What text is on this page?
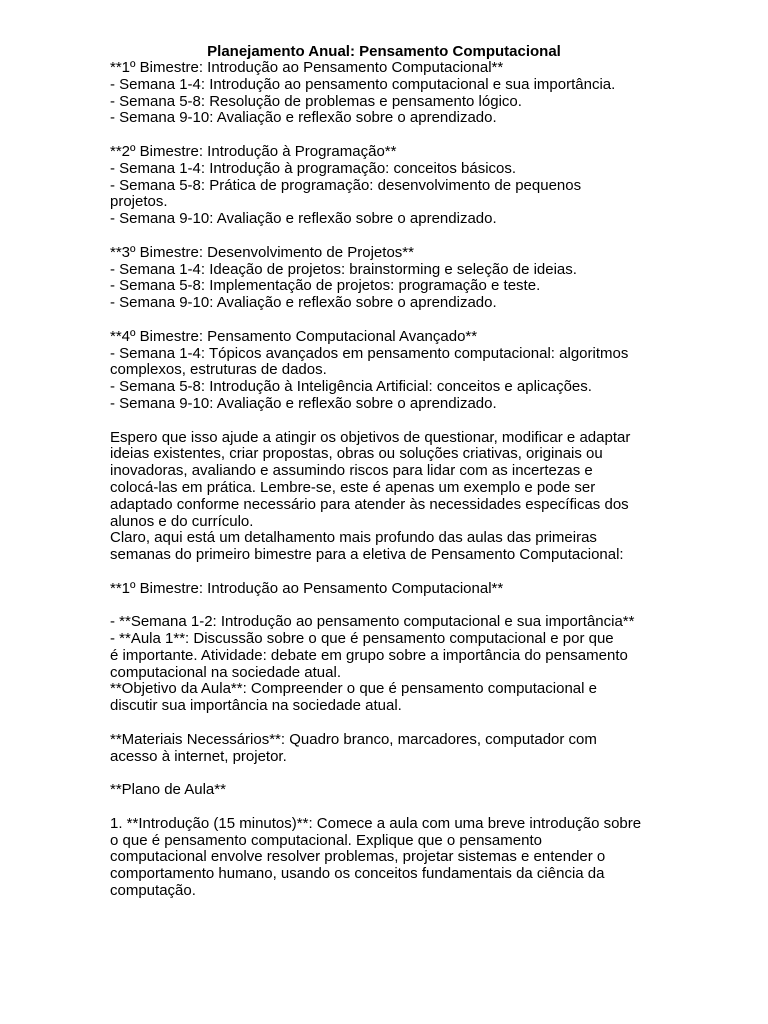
Planejamento Anual: Pensamento Computacional
**1º Bimestre: Introdução ao Pensamento Computacional**
- Semana 1-4: Introdução ao pensamento computacional e sua importância.
- Semana 5-8: Resolução de problemas e pensamento lógico.
- Semana 9-10: Avaliação e reflexão sobre o aprendizado.
**2º Bimestre: Introdução à Programação**
- Semana 1-4: Introdução à programação: conceitos básicos.
- Semana 5-8: Prática de programação: desenvolvimento de pequenos
projetos.
- Semana 9-10: Avaliação e reflexão sobre o aprendizado.
**3º Bimestre: Desenvolvimento de Projetos**
- Semana 1-4: Ideação de projetos: brainstorming e seleção de ideias.
- Semana 5-8: Implementação de projetos: programação e teste.
- Semana 9-10: Avaliação e reflexão sobre o aprendizado.
**4º Bimestre: Pensamento Computacional Avançado**
- Semana 1-4: Tópicos avançados em pensamento computacional: algoritmos
complexos, estruturas de dados.
- Semana 5-8: Introdução à Inteligência Artificial: conceitos e aplicações.
- Semana 9-10: Avaliação e reflexão sobre o aprendizado.
Espero que isso ajude a atingir os objetivos de questionar, modificar e adaptar
ideias existentes, criar propostas, obras ou soluções criativas, originais ou
inovadoras, avaliando e assumindo riscos para lidar com as incertezas e
colocá-las em prática. Lembre-se, este é apenas um exemplo e pode ser
adaptado conforme necessário para atender às necessidades específicas dos
alunos e do currículo.
Claro, aqui está um detalhamento mais profundo das aulas das primeiras
semanas do primeiro bimestre para a eletiva de Pensamento Computacional:
**1º Bimestre: Introdução ao Pensamento Computacional**
- **Semana 1-2: Introdução ao pensamento computacional e sua importância**
- **Aula 1**: Discussão sobre o que é pensamento computacional e por que
é importante. Atividade: debate em grupo sobre a importância do pensamento
computacional na sociedade atual.
**Objetivo da Aula**: Compreender o que é pensamento computacional e
discutir sua importância na sociedade atual.
**Materiais Necessários**: Quadro branco, marcadores, computador com
acesso à internet, projetor.
**Plano de Aula**
1. **Introdução (15 minutos)**: Comece a aula com uma breve introdução sobre
o que é pensamento computacional. Explique que o pensamento
computacional envolve resolver problemas, projetar sistemas e entender o
comportamento humano, usando os conceitos fundamentais da ciência da
computação.
